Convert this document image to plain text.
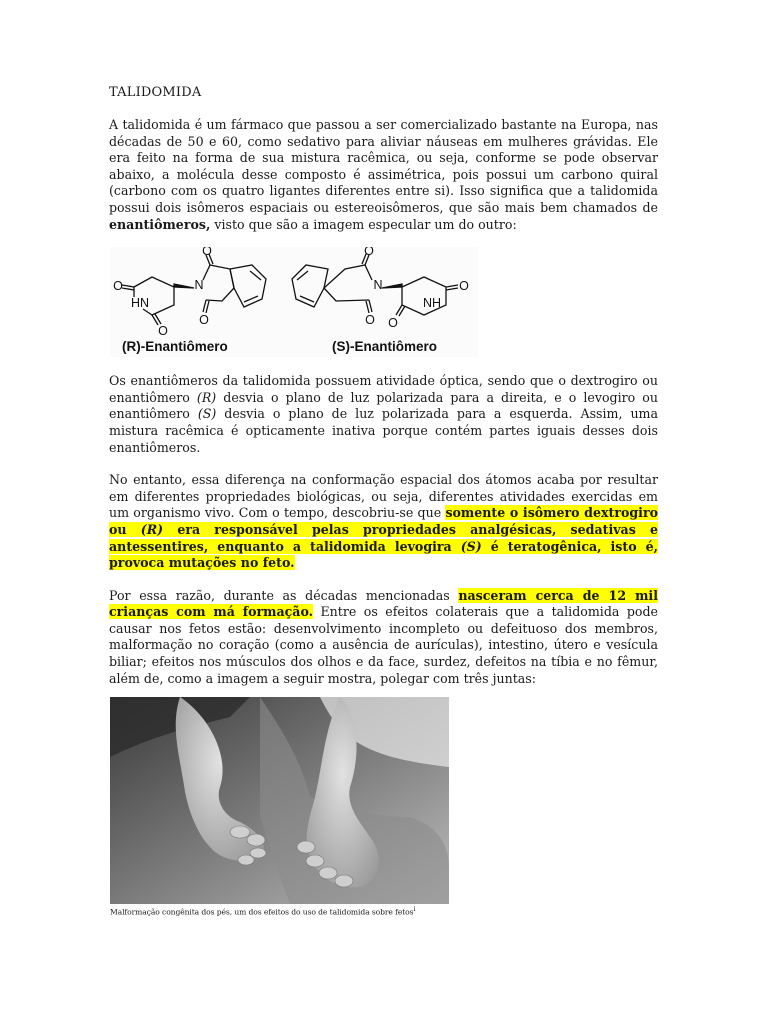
TALIDOMIDA

A talidomida é um fármaco que passou a ser comercializado bastante na Europa, nas décadas de 50 e 60, como sedativo para aliviar náuseas em mulheres grávidas. Ele era feito na forma de sua mistura racêmica, ou seja, conforme se pode observar abaixo, a molécula desse composto é assimétrica, pois possui um carbono quiral (carbono com os quatro ligantes diferentes entre si). Isso significa que a talidomida possui dois isômeros espaciais ou estereoisômeros, que são mais bem chamados de enantiômeros, visto que são a imagem especular um do outro:

O
HN
O
N
O
O
(R)-Enantiômero
N
O
O
O
NH
O
(S)-Enantiômero

Os enantiômeros da talidomida possuem atividade óptica, sendo que o dextrogiro ou enantiômero (R) desvia o plano de luz polarizada para a direita, e o levogiro ou enantiômero (S) desvia o plano de luz polarizada para a esquerda. Assim, uma mistura racêmica é opticamente inativa porque contém partes iguais desses dois enantiômeros.

No entanto, essa diferença na conformação espacial dos átomos acaba por resultar em diferentes propriedades biológicas, ou seja, diferentes atividades exercidas em um organismo vivo. Com o tempo, descobriu-se que somente o isômero dextrogiro ou (R) era responsável pelas propriedades analgésicas, sedativas e antessentires, enquanto a talidomida levogira (S) é teratogênica, isto é, provoca mutações no feto.

Por essa razão, durante as décadas mencionadas nasceram cerca de 12 mil crianças com má formação. Entre os efeitos colaterais que a talidomida pode causar nos fetos estão: desenvolvimento incompleto ou defeituoso dos membros, malformação no coração (como a ausência de aurículas), intestino, útero e vesícula biliar; efeitos nos músculos dos olhos e da face, surdez, defeitos na tíbia e no fêmur, além de, como a imagem a seguir mostra, polegar com três juntas:

Malformação congênita dos pés, um dos efeitos do uso de talidomida sobre fetos$^i$
